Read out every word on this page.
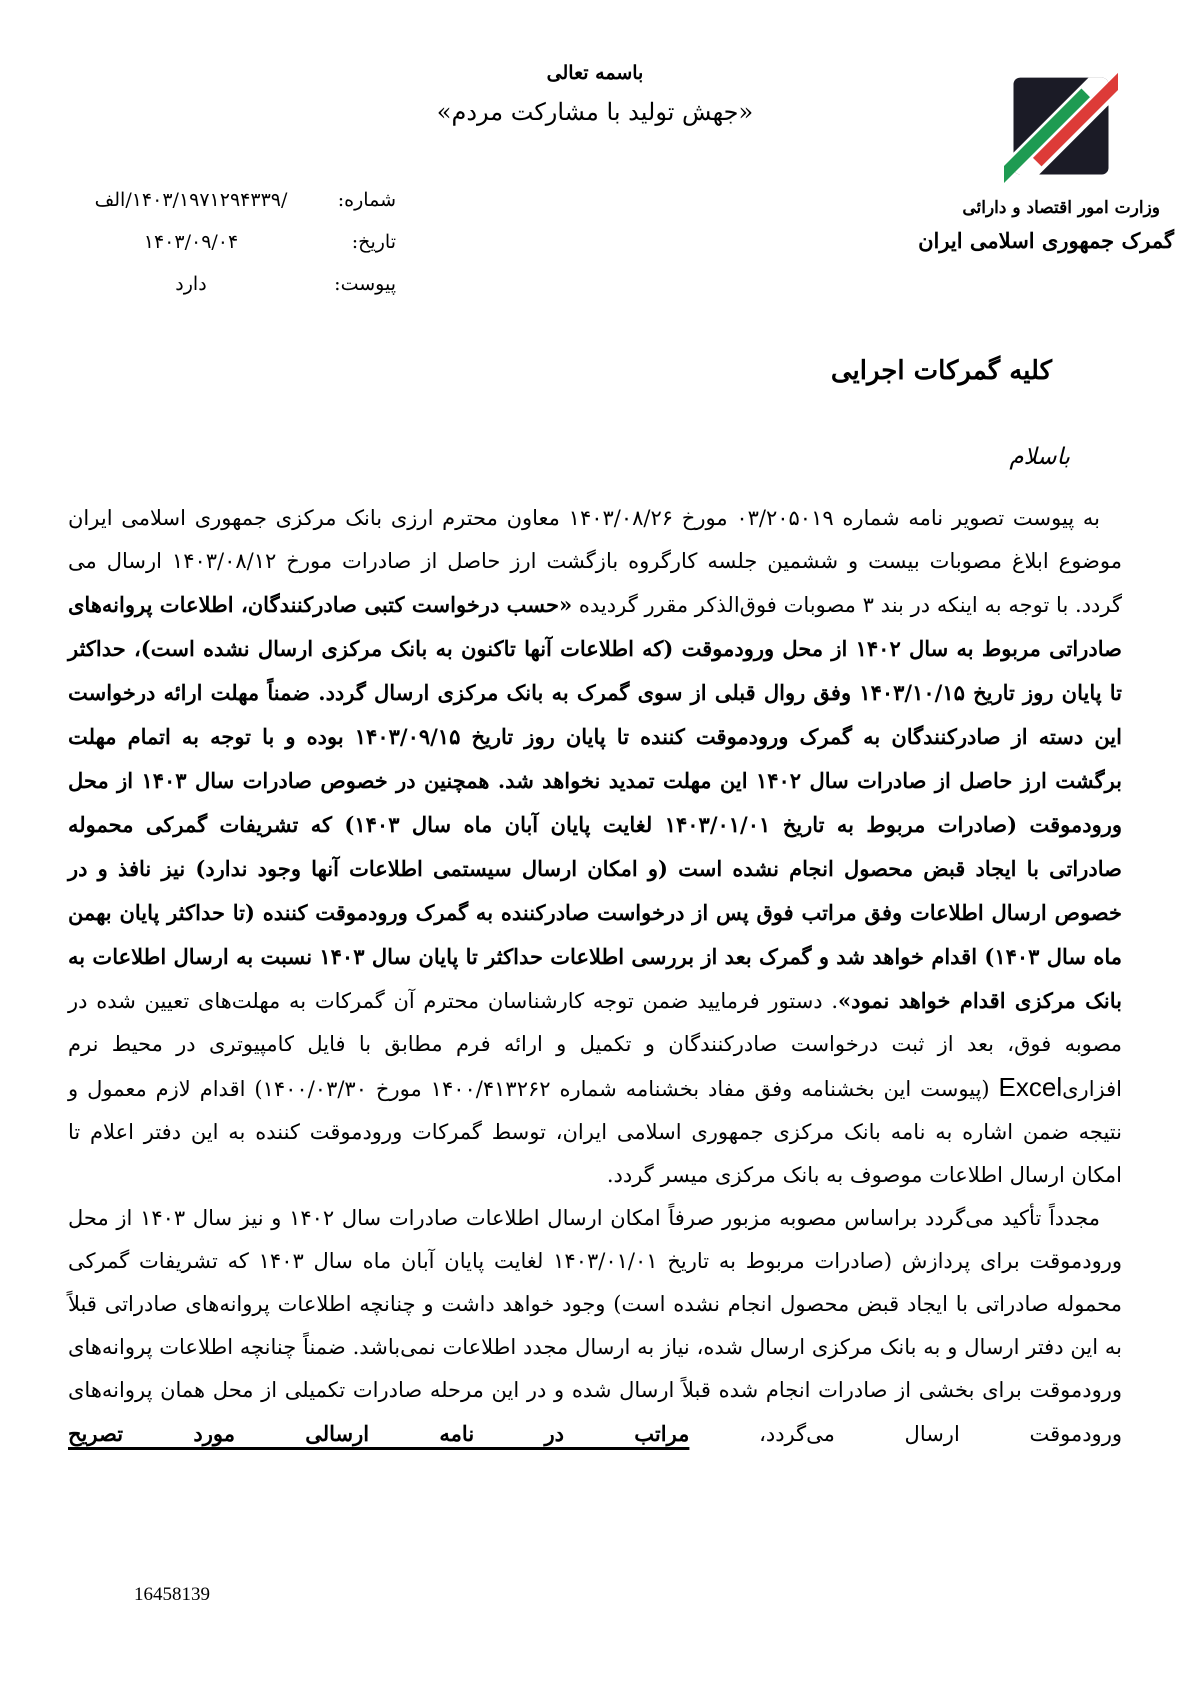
باسمه تعالی
«جهش تولید با مشارکت مردم»
وزارت امور اقتصاد و دارائی
گمرک جمهوری اسلامی ایران
شماره:
/۱۴۰۳/۱۹۷۱۲۹۴۳۳۹/الف
تاریخ:
۱۴۰۳/۰۹/۰۴
پیوست:
دارد
کلیه گمرکات اجرایی
باسلام

به پیوست تصویر نامه شماره ۰۳/۲۰۵۰۱۹ مورخ ۱۴۰۳/۰۸/۲۶ معاون محترم ارزی بانک مرکزی جمهوری اسلامی ایران موضوع ابلاغ مصوبات بیست و ششمین جلسه کارگروه بازگشت ارز حاصل از صادرات مورخ ۱۴۰۳/۰۸/۱۲ ارسال می گردد. با توجه به اینکه در بند ۳ مصوبات فوق‌الذکر مقرر گردیده «حسب درخواست کتبی صادرکنندگان، اطلاعات پروانه‌های صادراتی مربوط به سال ۱۴۰۲ از محل ورودموقت (که اطلاعات آنها تاکنون به بانک مرکزی ارسال نشده است)، حداکثر تا پایان روز تاریخ ۱۴۰۳/۱۰/۱۵ وفق روال قبلی از سوی گمرک به بانک مرکزی ارسال گردد. ضمناً مهلت ارائه درخواست این دسته از صادرکنندگان به گمرک ورودموقت کننده تا پایان روز تاریخ ۱۴۰۳/۰۹/۱۵ بوده و با توجه به اتمام مهلت برگشت ارز حاصل از صادرات سال ۱۴۰۲ این مهلت تمدید نخواهد شد. همچنین در خصوص صادرات سال ۱۴۰۳ از محل ورودموقت (صادرات مربوط به تاریخ ۱۴۰۳/۰۱/۰۱ لغایت پایان آبان ماه سال ۱۴۰۳) که تشریفات گمرکی محموله صادراتی با ایجاد قبض محصول انجام نشده است (و امکان ارسال سیستمی اطلاعات آنها وجود ندارد) نیز نافذ و در خصوص ارسال اطلاعات وفق مراتب فوق پس از درخواست صادرکننده به گمرک ورودموقت کننده (تا حداکثر پایان بهمن ماه سال ۱۴۰۳) اقدام خواهد شد و گمرک بعد از بررسی اطلاعات حداکثر تا پایان سال ۱۴۰۳ نسبت به ارسال اطلاعات به بانک مرکزی اقدام خواهد نمود». دستور فرمایید ضمن توجه کارشناسان محترم آن گمرکات به مهلت‌های تعیین شده در مصوبه فوق، بعد از ثبت درخواست صادرکنندگان و تکمیل و ارائه فرم مطابق با فایل کامپیوتری در محیط نرم افزاریExcel (پیوست این بخشنامه وفق مفاد بخشنامه شماره ۱۴۰۰/۴۱۳۲۶۲ مورخ ۱۴۰۰/۰۳/۳۰) اقدام لازم معمول و نتیجه ضمن اشاره به نامه بانک مرکزی جمهوری اسلامی ایران، توسط گمرکات ورودموقت کننده به این دفتر اعلام تا امکان ارسال اطلاعات موصوف به بانک مرکزی میسر گردد.

مجدداً تأکید می‌گردد براساس مصوبه مزبور صرفاً امکان ارسال اطلاعات صادرات سال ۱۴۰۲ و نیز سال ۱۴۰۳ از محل ورودموقت برای پردازش (صادرات مربوط به تاریخ ۱۴۰۳/۰۱/۰۱ لغایت پایان آبان ماه سال ۱۴۰۳ که تشریفات گمرکی محموله صادراتی با ایجاد قبض محصول انجام نشده است) وجود خواهد داشت و چنانچه اطلاعات پروانه‌های صادراتی قبلاً به این دفتر ارسال و به بانک مرکزی ارسال شده، نیاز به ارسال مجدد اطلاعات نمی‌باشد. ضمناً چنانچه اطلاعات پروانه‌های ورودموقت برای بخشی از صادرات انجام شده قبلاً ارسال شده و در این مرحله صادرات تکمیلی از محل همان پروانه‌های ورودموقت ارسال می‌گردد، مراتب در نامه ارسالی مورد تصریح

16458139
